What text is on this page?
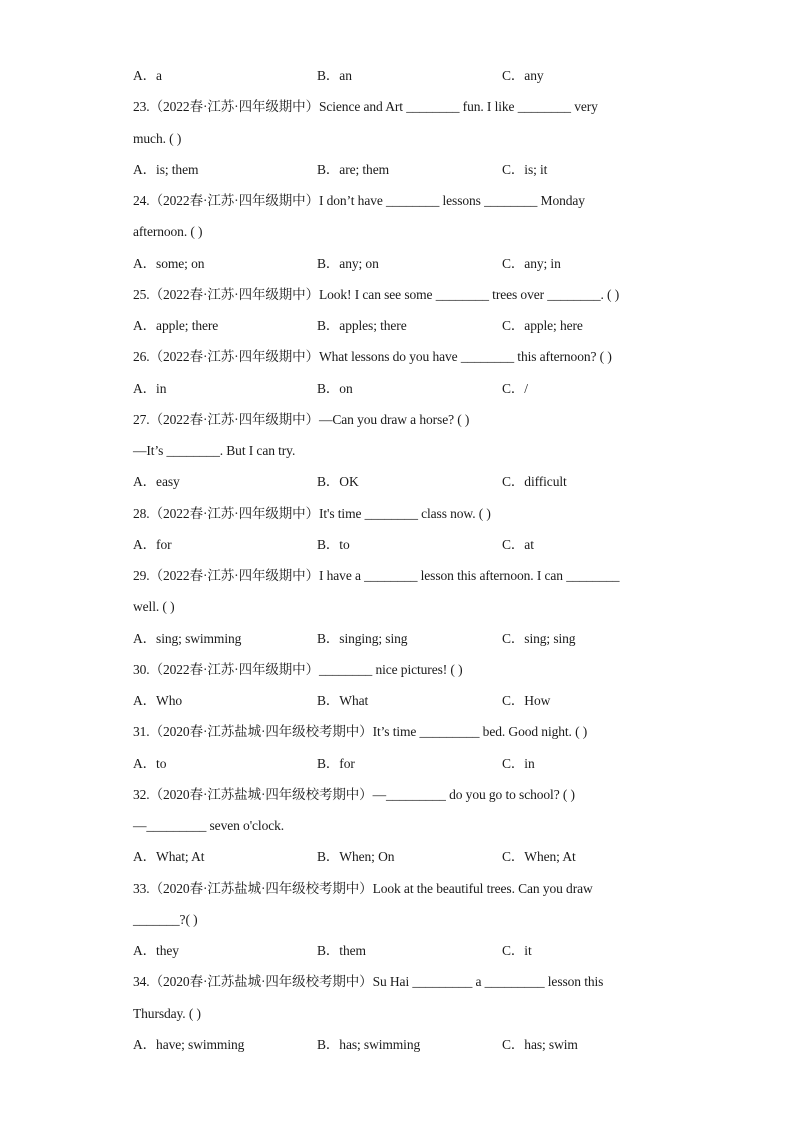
A．a	B．an	C．any
23.（2022春·江苏·四年级期中）Science and Art ________ fun. I like ________ very
much. ( )
A．is; them	B．are; them	C．is; it
24.（2022春·江苏·四年级期中）I don’t have ________ lessons ________ Monday
afternoon. ( )
A．some; on	B．any; on	C．any; in
25.（2022春·江苏·四年级期中）Look! I can see some ________ trees over ________. ( )
A．apple; there	B．apples; there	C．apple; here
26.（2022春·江苏·四年级期中）What lessons do you have ________ this afternoon? ( )
A．in	B．on	C．/
27.（2022春·江苏·四年级期中）—Can you draw a horse? ( )
—It’s ________. But I can try.
A．easy	B．OK	C．difficult
28.（2022春·江苏·四年级期中）It's time ________ class now. ( )
A．for	B．to	C．at
29.（2022春·江苏·四年级期中）I have a ________ lesson this afternoon. I can ________
well. ( )
A．sing; swimming	B．singing; sing	C．sing; sing
30.（2022春·江苏·四年级期中）________ nice pictures! ( )
A．Who	B．What	C．How
31.（2020春·江苏盐城·四年级校考期中）It’s time _________ bed. Good night. ( )
A．to	B．for	C．in
32.（2020春·江苏盐城·四年级校考期中）—_________ do you go to school? ( )
—_________ seven o'clock.
A．What; At	B．When; On	C．When; At
33.（2020春·江苏盐城·四年级校考期中）Look at the beautiful trees. Can you draw
_______?( )
A．they	B．them	C．it
34.（2020春·江苏盐城·四年级校考期中）Su Hai _________ a _________ lesson this
Thursday. ( )
A．have; swimming	B．has; swimming	C．has; swim
